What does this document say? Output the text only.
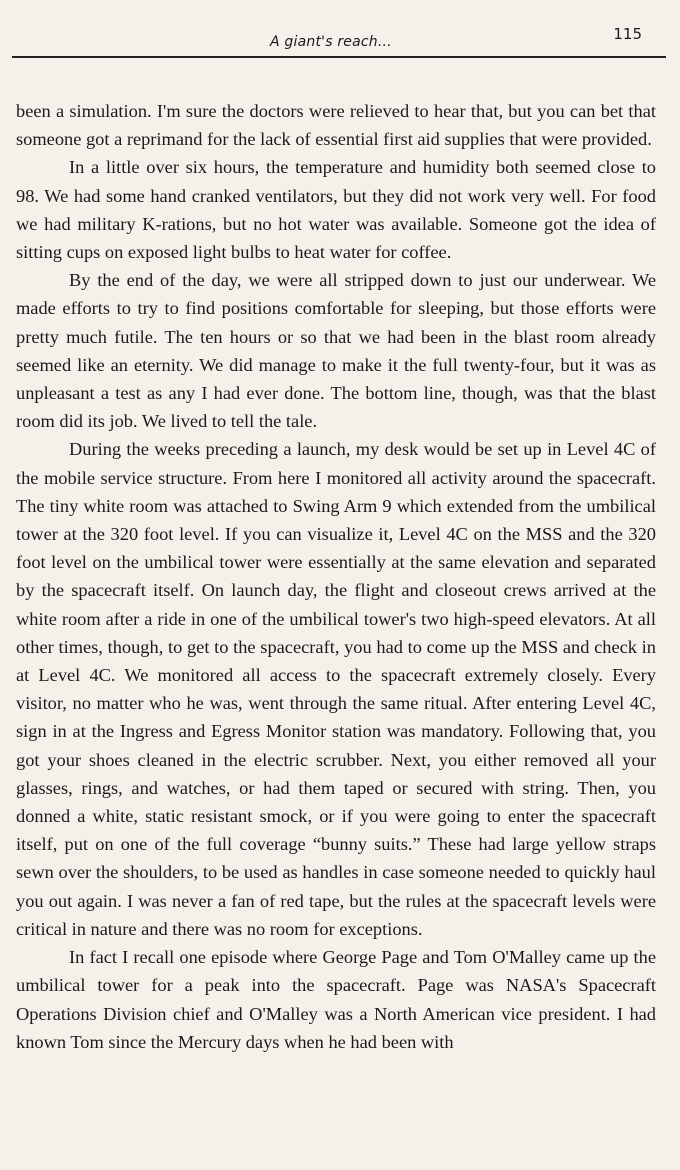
A giant's reach...	115

been a simulation. I'm sure the doctors were relieved to hear that, but you can bet that someone got a reprimand for the lack of essential first aid supplies that were provided.

In a little over six hours, the temperature and humidity both seemed close to 98. We had some hand cranked ventilators, but they did not work very well. For food we had military K-rations, but no hot water was available. Someone got the idea of sitting cups on exposed light bulbs to heat water for coffee.

By the end of the day, we were all stripped down to just our underwear. We made efforts to try to find positions comfortable for sleeping, but those efforts were pretty much futile. The ten hours or so that we had been in the blast room already seemed like an eternity. We did manage to make it the full twenty-four, but it was as unpleasant a test as any I had ever done. The bottom line, though, was that the blast room did its job. We lived to tell the tale.

During the weeks preceding a launch, my desk would be set up in Level 4C of the mobile service structure. From here I monitored all activity around the spacecraft. The tiny white room was attached to Swing Arm 9 which extended from the umbilical tower at the 320 foot level. If you can visualize it, Level 4C on the MSS and the 320 foot level on the umbilical tower were essentially at the same elevation and separated by the spacecraft itself. On launch day, the flight and closeout crews arrived at the white room after a ride in one of the umbilical tower's two high-speed elevators. At all other times, though, to get to the spacecraft, you had to come up the MSS and check in at Level 4C. We monitored all access to the spacecraft extremely closely. Every visitor, no matter who he was, went through the same ritual. After entering Level 4C, sign in at the Ingress and Egress Monitor station was mandatory. Following that, you got your shoes cleaned in the electric scrubber. Next, you either removed all your glasses, rings, and watches, or had them taped or secured with string. Then, you donned a white, static resistant smock, or if you were going to enter the spacecraft itself, put on one of the full coverage “bunny suits.” These had large yellow straps sewn over the shoulders, to be used as handles in case someone needed to quickly haul you out again. I was never a fan of red tape, but the rules at the spacecraft levels were critical in nature and there was no room for exceptions.

In fact I recall one episode where George Page and Tom O'Malley came up the umbilical tower for a peak into the spacecraft. Page was NASA's Spacecraft Operations Division chief and O'Malley was a North American vice president. I had known Tom since the Mercury days when he had been with
